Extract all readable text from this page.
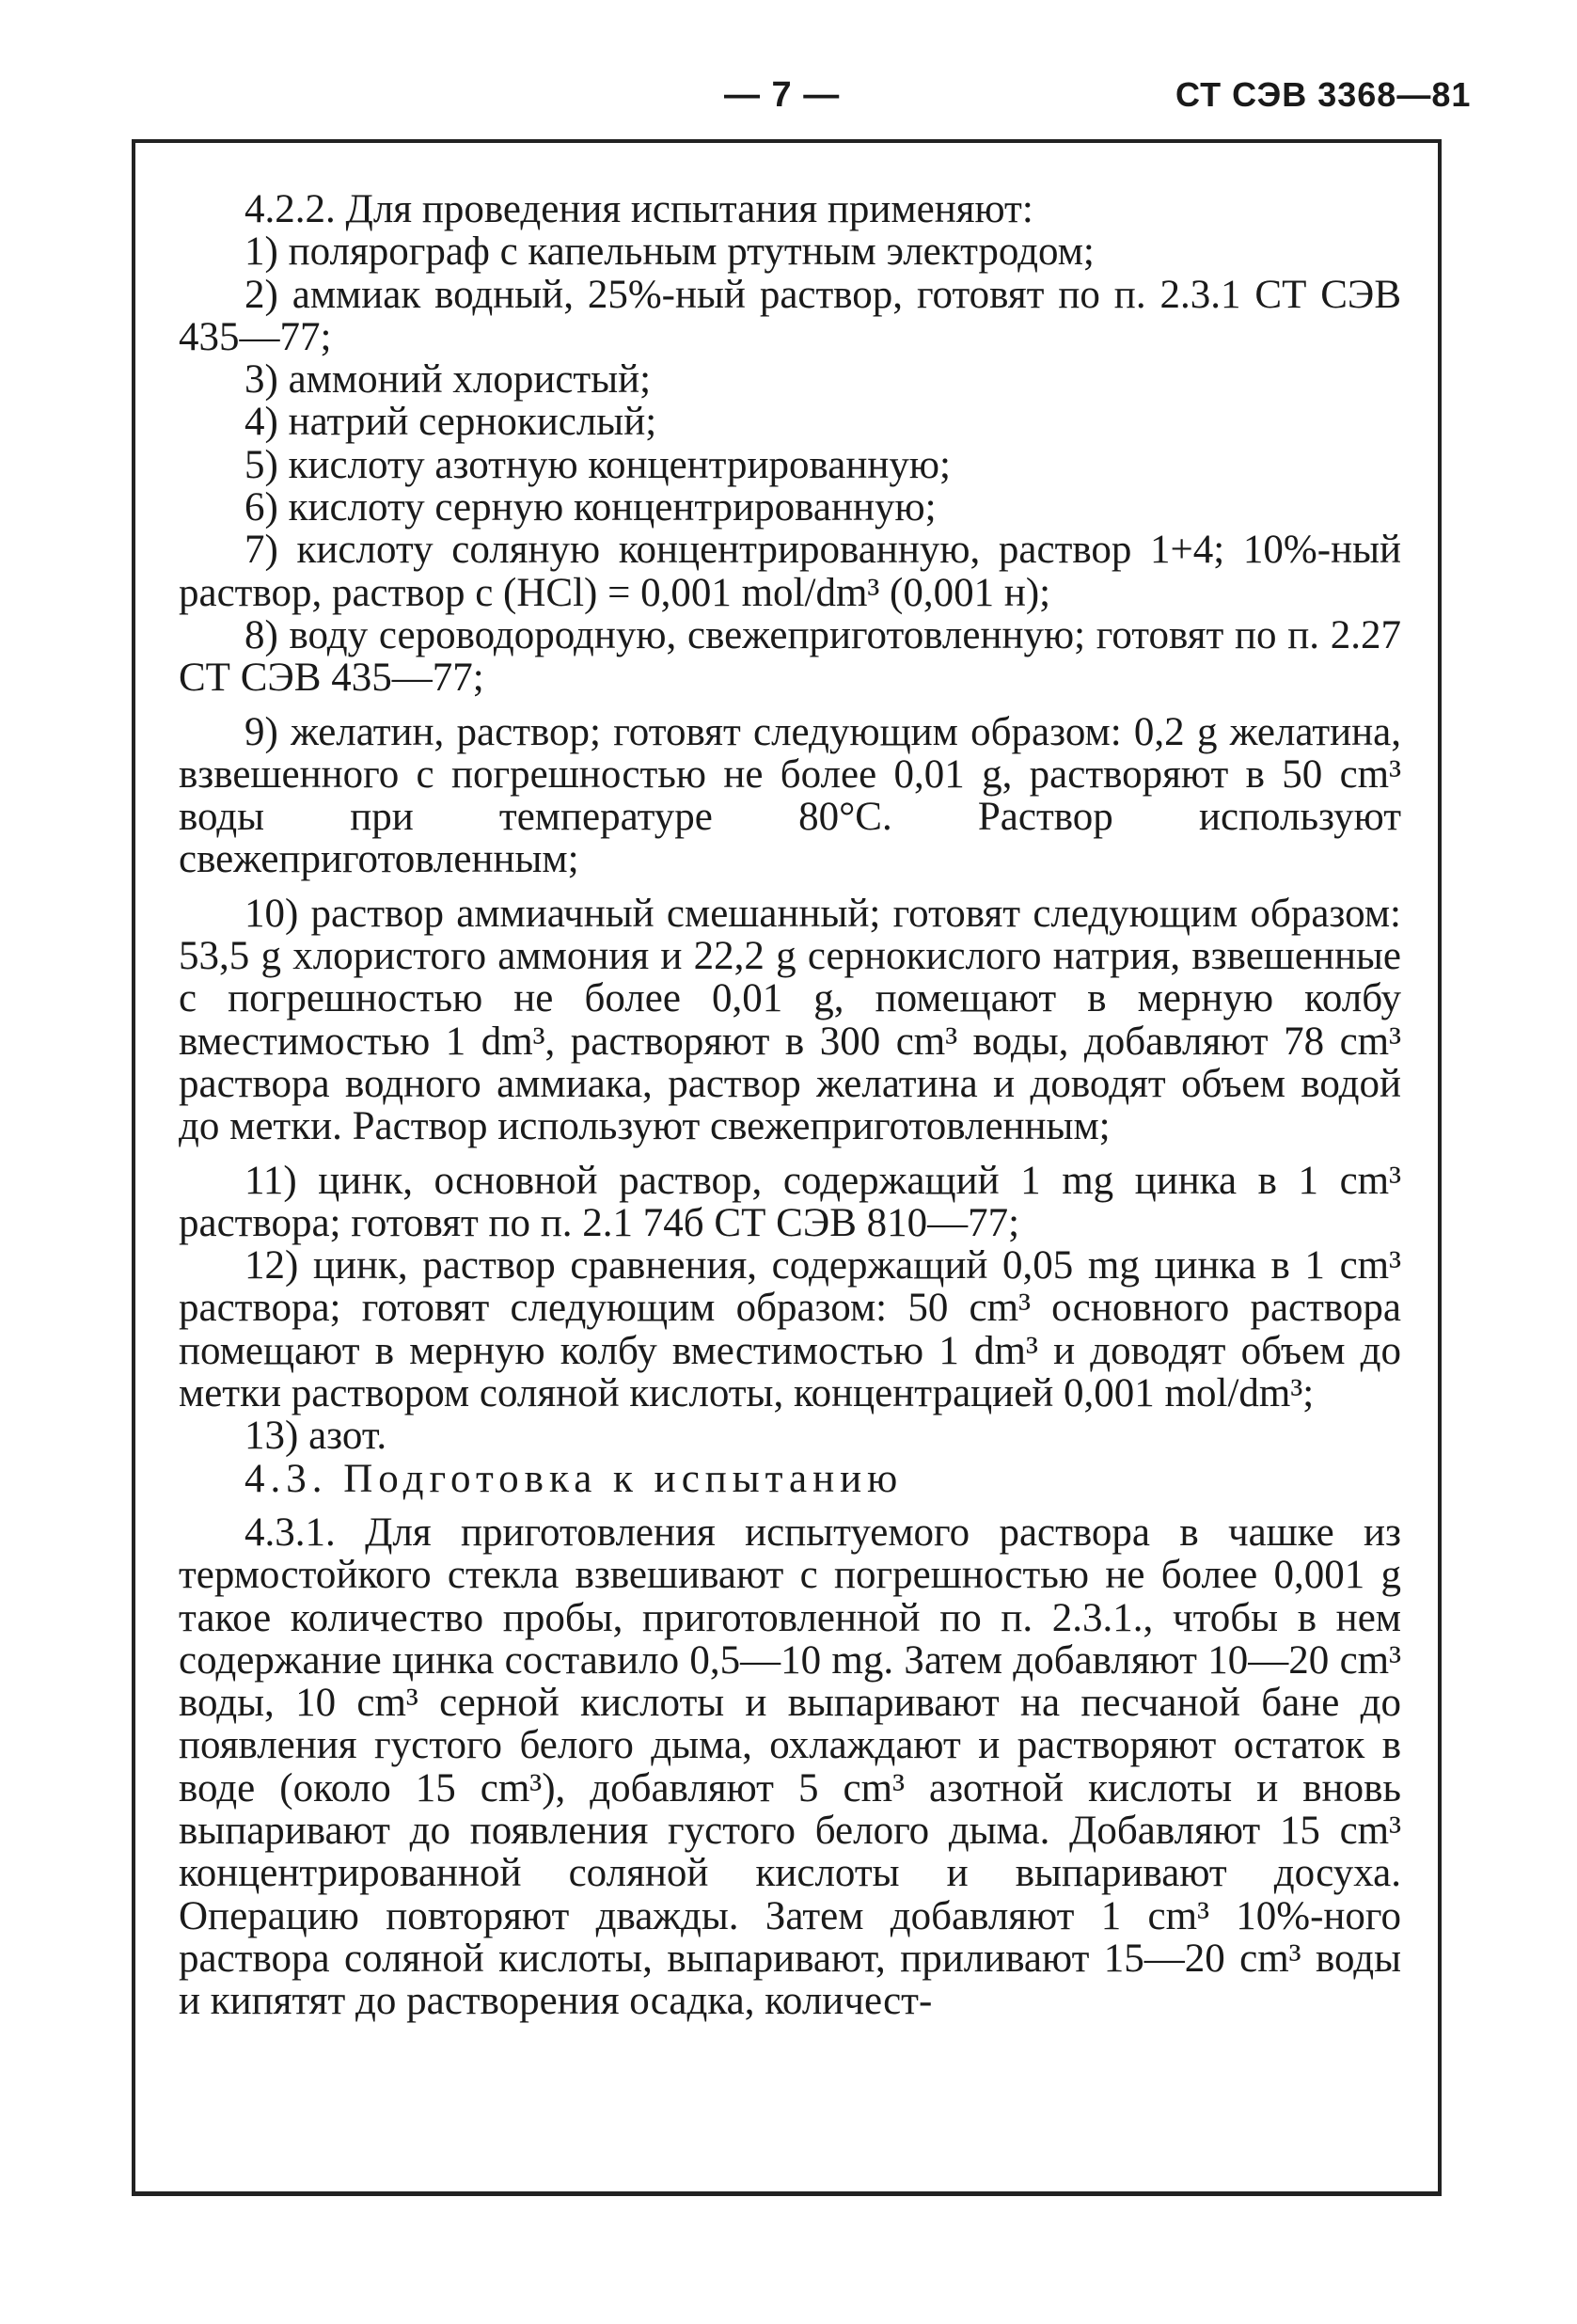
— 7 —	СТ СЭВ 3368—81

4.2.2. Для проведения испытания применяют:

1) полярограф с капельным ртутным электродом;

2) аммиак водный, 25%-ный раствор, готовят по п. 2.3.1 СТ СЭВ 435—77;

3) аммоний хлористый;

4) натрий сернокислый;

5) кислоту азотную концентрированную;

6) кислоту серную концентрированную;

7) кислоту соляную концентрированную, раствор 1+4; 10%-ный раствор, раствор c (HCl) = 0,001 mol/dm³ (0,001 н);

8) воду сероводородную, свежеприготовленную; готовят по п. 2.27 СТ СЭВ 435—77;

9) желатин, раствор; готовят следующим образом: 0,2 g желатина, взвешенного с погрешностью не более 0,01 g, растворяют в 50 cm³ воды при температуре 80°С. Раствор используют свежеприготовленным;

10) раствор аммиачный смешанный; готовят следующим образом: 53,5 g хлористого аммония и 22,2 g сернокислого натрия, взвешенные с погрешностью не более 0,01 g, помещают в мерную колбу вместимостью 1 dm³, растворяют в 300 cm³ воды, добавляют 78 cm³ раствора водного аммиака, раствор желатина и доводят объем водой до метки. Раствор используют свежеприготовленным;

11) цинк, основной раствор, содержащий 1 mg цинка в 1 cm³ раствора; готовят по п. 2.1 74б СТ СЭВ 810—77;

12) цинк, раствор сравнения, содержащий 0,05 mg цинка в 1 cm³ раствора; готовят следующим образом: 50 cm³ основного раствора помещают в мерную колбу вместимостью 1 dm³ и доводят объем до метки раствором соляной кислоты, концентрацией 0,001 mol/dm³;

13) азот.

4.3. Подготовка к испытанию

4.3.1. Для приготовления испытуемого раствора в чашке из термостойкого стекла взвешивают с погрешностью не более 0,001 g такое количество пробы, приготовленной по п. 2.3.1., чтобы в нем содержание цинка составило 0,5—10 mg. Затем добавляют 10—20 cm³ воды, 10 cm³ серной кислоты и выпаривают на песчаной бане до появления густого белого дыма, охлаждают и растворяют остаток в воде (около 15 cm³), добавляют 5 cm³ азотной кислоты и вновь выпаривают до появления густого белого дыма. Добавляют 15 cm³ концентрированной соляной кислоты и выпаривают досуха. Операцию повторяют дважды. Затем добавляют 1 cm³ 10%-ного раствора соляной кислоты, выпаривают, приливают 15—20 cm³ воды и кипятят до растворения осадка, количест-
